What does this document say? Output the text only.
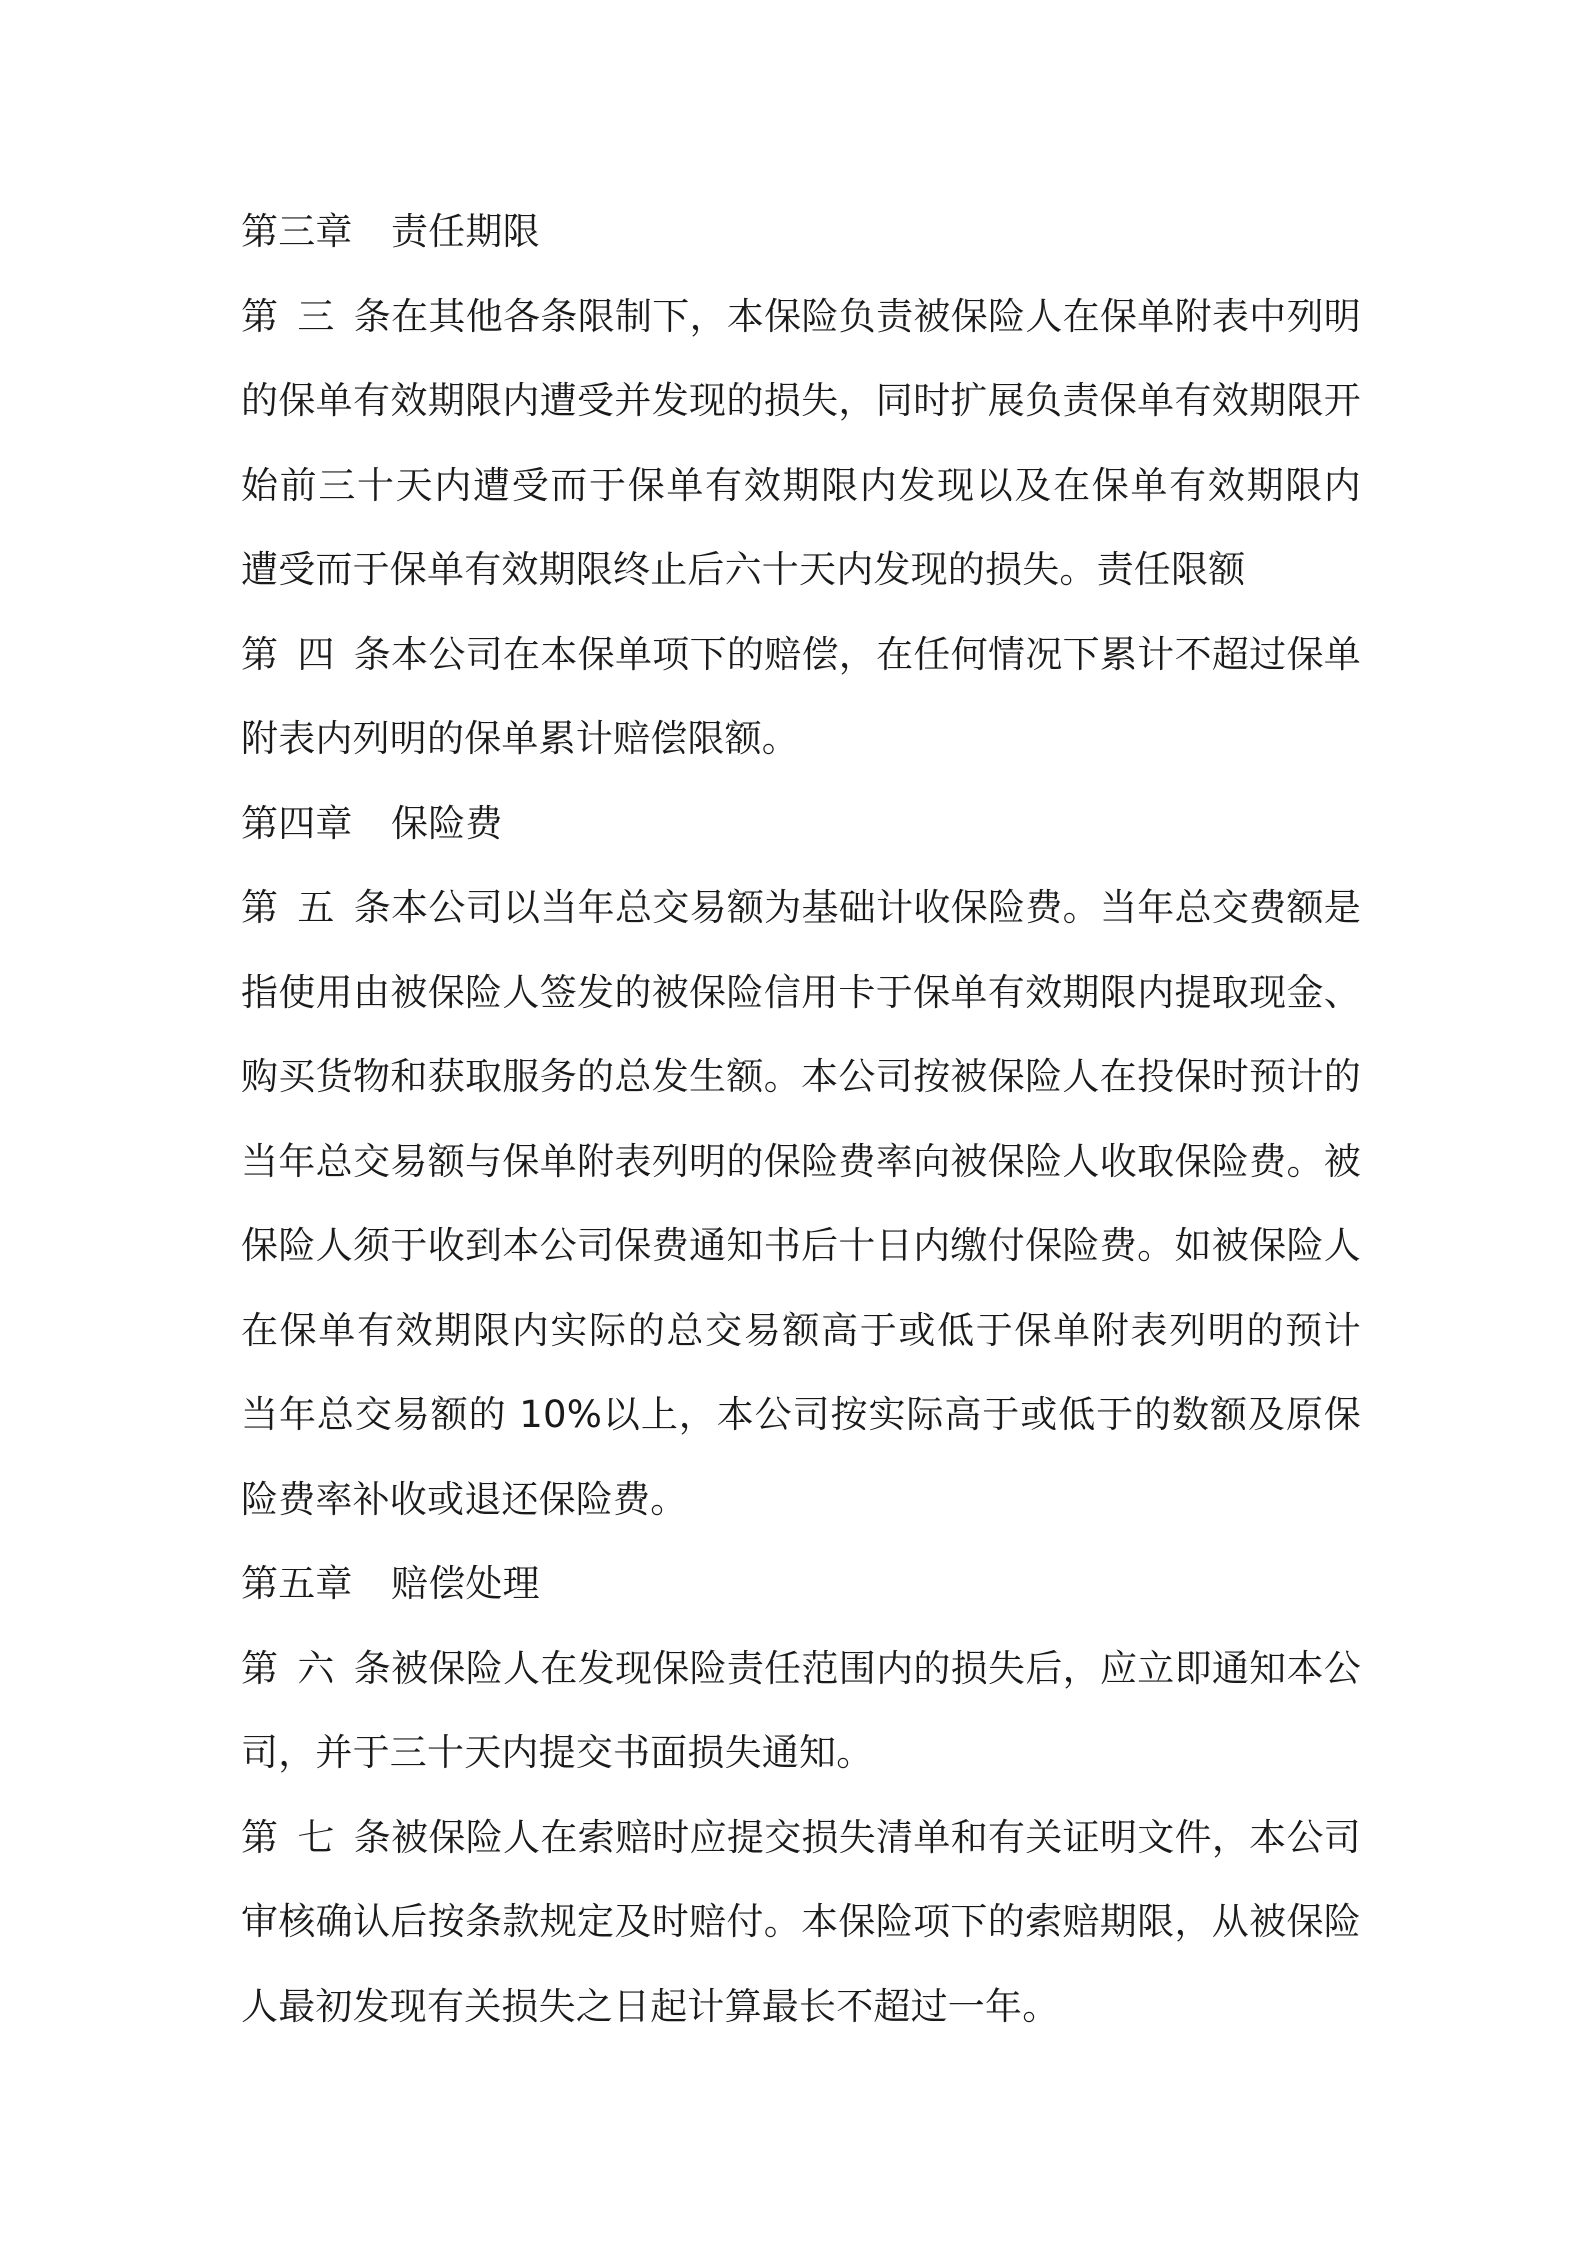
第三章 责任期限
第三条在其他各条限制下，本保险负责被保险人在保单附表中列明
的保单有效期限内遭受并发现的损失，同时扩展负责保单有效期限开
始前三十天内遭受而于保单有效期限内发现以及在保单有效期限内
遭受而于保单有效期限终止后六十天内发现的损失。责任限额
第四条本公司在本保单项下的赔偿，在任何情况下累计不超过保单
附表内列明的保单累计赔偿限额。
第四章 保险费
第五条本公司以当年总交易额为基础计收保险费。当年总交费额是
指使用由被保险人签发的被保险信用卡于保单有效期限内提取现金、
购买货物和获取服务的总发生额。本公司按被保险人在投保时预计的
当年总交易额与保单附表列明的保险费率向被保险人收取保险费。被
保险人须于收到本公司保费通知书后十日内缴付保险费。如被保险人
在保单有效期限内实际的总交易额高于或低于保单附表列明的预计
当年总交易额的 10%以上，本公司按实际高于或低于的数额及原保
险费率补收或退还保险费。
第五章 赔偿处理
第六条被保险人在发现保险责任范围内的损失后，应立即通知本公
司，并于三十天内提交书面损失通知。
第七条被保险人在索赔时应提交损失清单和有关证明文件，本公司
审核确认后按条款规定及时赔付。本保险项下的索赔期限，从被保险
人最初发现有关损失之日起计算最长不超过一年。
